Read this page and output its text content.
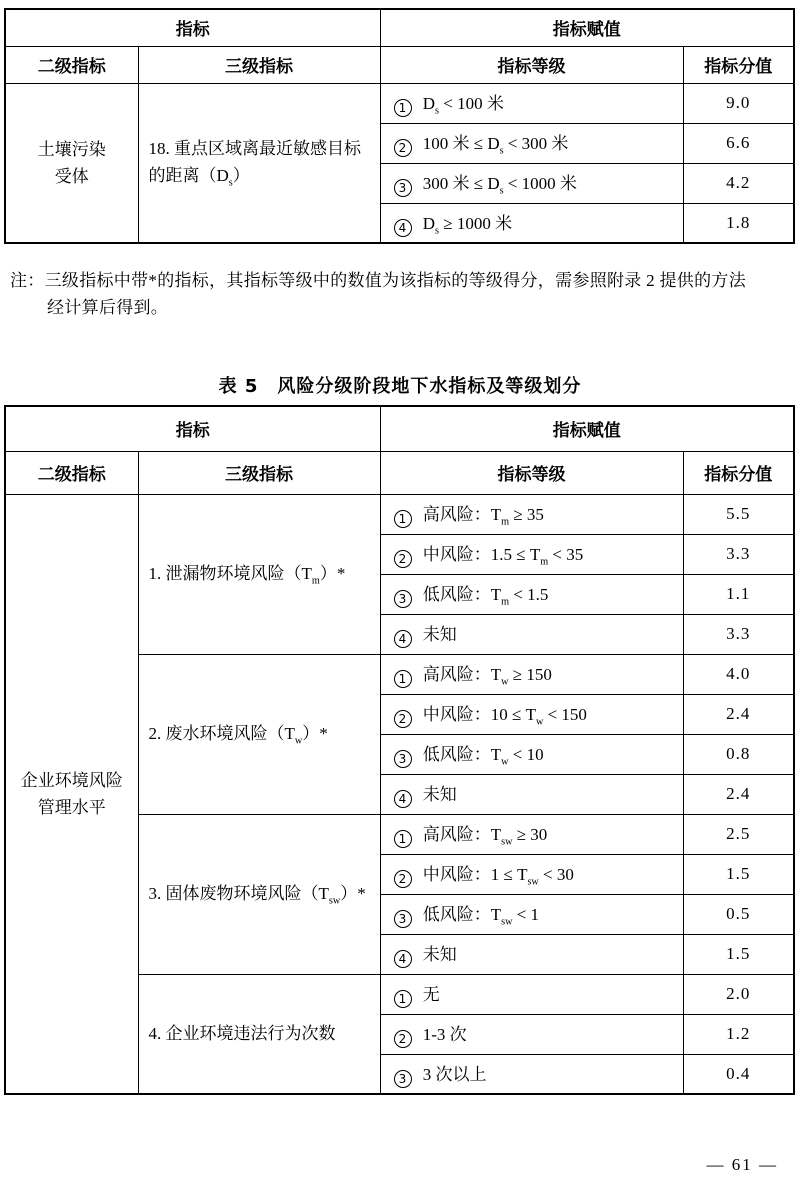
指标		指标赋值	
二级指标	三级指标	指标等级	指标分值

土壤污染
受体	18. 重点区域离最近敏感目标的距离$(D_s)$	1 $D_s < 100$ 米	9.0
		2 100 米 ≤ $D_s < 300$ 米	6.6
		3 300 米 ≤ $D_s < 1000$ 米	4.2
		4 $D_s \ge 1000$ 米	1.8
注：三级指标中带*的指标，其指标等级中的数值为该指标的等级得分，需参照附录 2 提供的方法
经计算后得到。
表 5　风险分级阶段地下水指标及等级划分
指标		指标赋值	
二级指标	三级指标	指标等级	指标分值

企业环境风险
管理水平	1. 泄漏物环境风险$(T_m)*$	1 高风险：$T_m \ge 35$	5.5
		2 中风险：$1.5 \le T_m < 35$	3.3
		3 低风险：$T_m < 1.5$	1.1
		4 未知	3.3
	2. 废水环境风险$(T_w)*$	1 高风险：$T_w \ge 150$	4.0
		2 中风险：$10 \le T_w < 150$	2.4
		3 低风险：$T_w < 10$	0.8
		4 未知	2.4
	3. 固体废物环境风险$(T_{sw})*$	1 高风险：$T_{sw} \ge 30$	2.5
		2 中风险：$1 \le T_{sw} < 30$	1.5
		3 低风险：$T_{sw} < 1$	0.5
		4 未知	1.5
	4. 企业环境违法行为次数	1 无	2.0
		2 1-3 次	1.2
		3 3 次以上	0.4
— 61 —
